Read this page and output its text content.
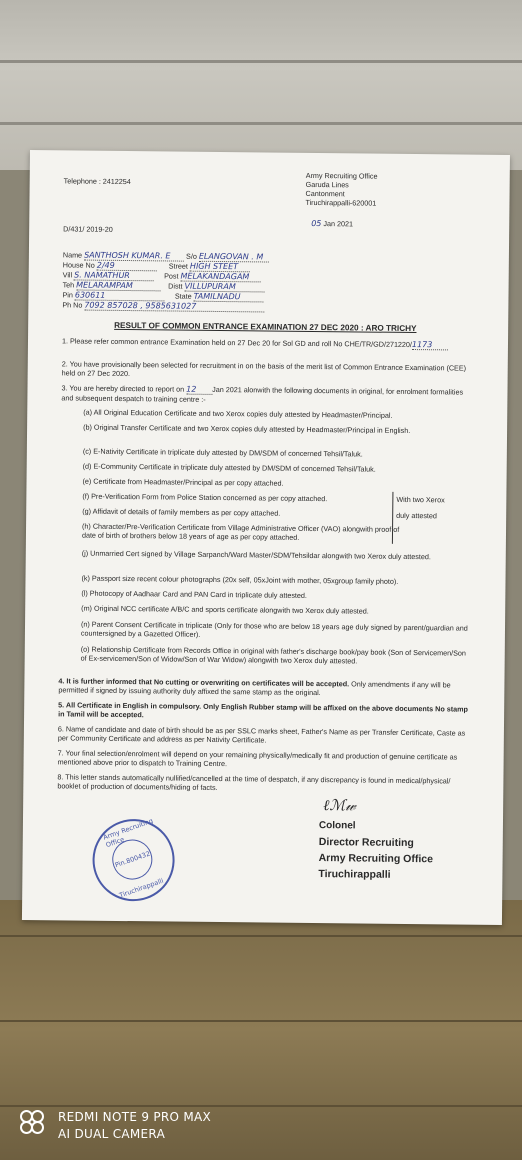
Telephone : 2412254
Army Recruiting Office
Garuda Lines
Cantonment
Tiruchirappalli-620001
D/431/ 2019-20
05 Jan 2021
Name SANTHOSH KUMAR. E S/o ELANGOVAN . M
House No 2/49	Street HIGH STEET
Vill S. NAMATHUR	Post MELAKANDAGAM
Teh MELARAMPAM	Distt VILLUPURAM
Pin 630611	State TAMILNADU
Ph No 7092 857028 , 9585631027
RESULT OF COMMON ENTRANCE EXAMINATION 27 DEC 2020 : ARO TRICHY
1. Please refer common entrance Examination held on 27 Dec 20 for Sol GD and roll No CHE/TR/GD/271220/1173
2. You have provisionally been selected for recruitment in on the basis of the merit list of Common Entrance Examination (CEE) held on 27 Dec 2020.
3. You are hereby directed to report on 12 Jan 2021 alonwith the following documents in original, for enrolment formalities and subsequent despatch to training centre :-
(a) All Original Education Certificate and two Xerox copies duly attested by Headmaster/Principal.
(b) Original Transfer Certificate and two Xerox copies duly attested by Headmaster/Principal in English.
(c) E-Nativity Certificate in triplicate duly attested by DM/SDM of concerned Tehsil/Taluk.
(d) E-Community Certificate in triplicate duly attested by DM/SDM of concerned Tehsil/Taluk.
(e) Certificate from Headmaster/Principal as per copy attached.
(f) Pre-Verification Form from Police Station concerned as per copy attached.
(g) Affidavit of details of family members as per copy attached.
(h) Character/Pre-Verification Certificate from Village Administrative Officer (VAO) alongwith proof of date of birth of brothers below 18 years of age as per copy attached.
With two Xerox
duly attested
(j) Unmarried Cert signed by Village Sarpanch/Ward Master/SDM/Tehsildar alongwith two Xerox duly attested.
(k) Passport size recent colour photographs (20x self, 05xJoint with mother, 05xgroup family photo).
(l) Photocopy of Aadhaar Card and PAN Card in triplicate duly attested.
(m) Original NCC certificate A/B/C and sports certificate alongwith two Xerox duly attested.
(n) Parent Consent Certificate in triplicate (Only for those who are below 18 years age duly signed by parent/guardian and countersigned by a Gazetted Officer).
(o) Relationship Certificate from Records Office in original with father's discharge book/pay book (Son of Servicemen/Son of Ex-servicemen/Son of Widow/Son of War Widow) alongwith two Xerox duly attested.
4. It is further informed that No cutting or overwriting on certificates will be accepted. Only amendments if any will be permitted if signed by issuing authority duly affixed the same stamp as the original.
5. All Certificate in English in compulsory. Only English Rubber stamp will be affixed on the above documents No stamp in Tamil will be accepted.
6. Name of candidate and date of birth should be as per SSLC marks sheet, Father's Name as per Transfer Certificate, Caste as per Community Certificate and address as per Nativity Certificate.
7. Your final selection/enrolment will depend on your remaining physically/medically fit and production of genuine certificate as mentioned above prior to dispatch to Training Centre.
8. This letter stands automatically nullified/cancelled at the time of despatch, if any discrepancy is found in medical/physical/ booklet of production of documents/hiding of facts.
ℓℳ𝓌
Colonel
Director Recruiting
Army Recruiting Office
Tiruchirappalli
Army Recruiting Office
Pin.800432
Tiruchirappalli
REDMI NOTE 9 PRO MAX
AI DUAL CAMERA
